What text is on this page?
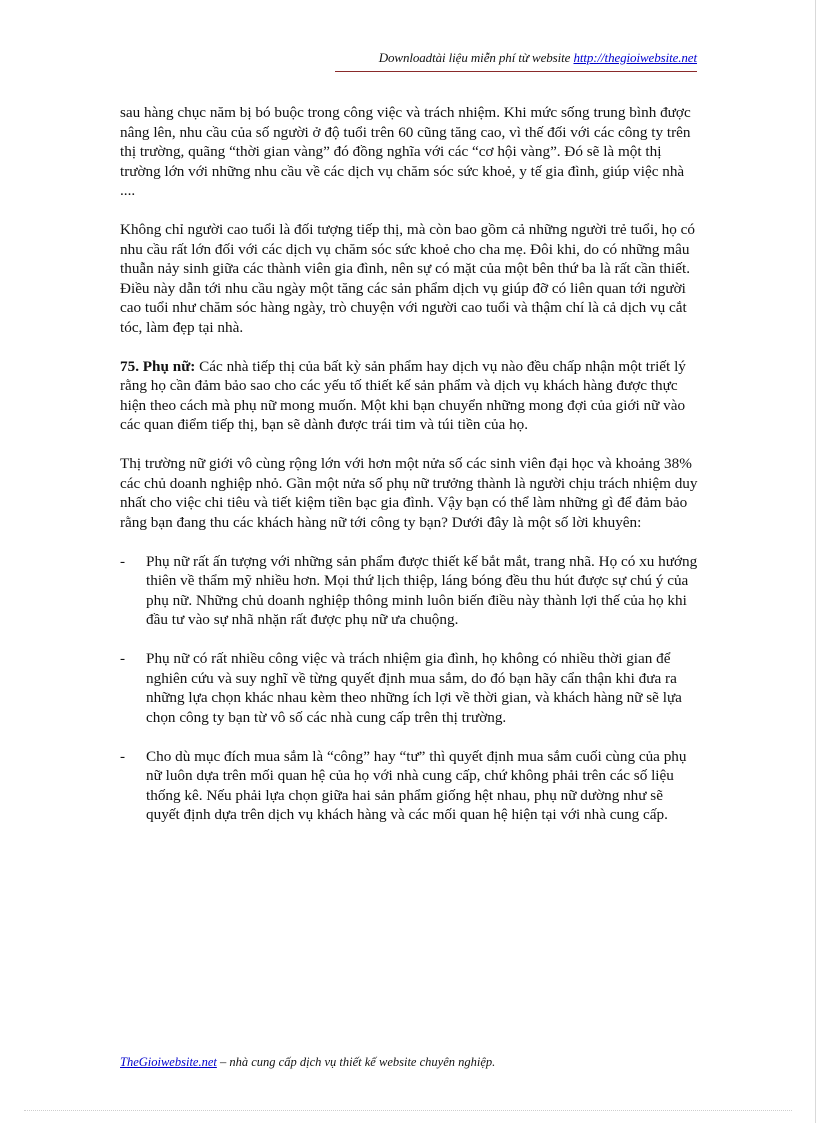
Downloadtài liệu miễn phí từ website http://thegioiwebsite.net

sau hàng chục năm bị bó buộc trong công việc và trách nhiệm. Khi mức sống trung bình được nâng lên, nhu cầu của số người ở độ tuổi trên 60 cũng tăng cao, vì thế đối với các công ty trên thị trường, quãng “thời gian vàng” đó đồng nghĩa với các “cơ hội vàng”. Đó sẽ là một thị trường lớn với những nhu cầu về các dịch vụ chăm sóc sức khoẻ, y tế gia đình, giúp việc nhà ....

Không chỉ người cao tuổi là đối tượng tiếp thị, mà còn bao gồm cả những người trẻ tuổi, họ có nhu cầu rất lớn đối với các dịch vụ chăm sóc sức khoẻ cho cha mẹ. Đôi khi, do có những mâu thuẫn nảy sinh giữa các thành viên gia đình, nên sự có mặt của một bên thứ ba là rất cần thiết. Điều này dẫn tới nhu cầu ngày một tăng các sản phẩm dịch vụ giúp đỡ có liên quan tới người cao tuổi như chăm sóc hàng ngày, trò chuyện với người cao tuổi và thậm chí là cả dịch vụ cắt tóc, làm đẹp tại nhà.

75. Phụ nữ: Các nhà tiếp thị của bất kỳ sản phẩm hay dịch vụ nào đều chấp nhận một triết lý rằng họ cần đảm bảo sao cho các yếu tố thiết kế sản phẩm và dịch vụ khách hàng được thực hiện theo cách mà phụ nữ mong muốn. Một khi bạn chuyển những mong đợi của giới nữ vào các quan điểm tiếp thị, bạn sẽ dành được trái tim và túi tiền của họ.

Thị trường nữ giới vô cùng rộng lớn với hơn một nửa số các sinh viên đại học và khoảng 38% các chủ doanh nghiệp nhỏ. Gần một nửa số phụ nữ trưởng thành là người chịu trách nhiệm duy nhất cho việc chi tiêu và tiết kiệm tiền bạc gia đình. Vậy bạn có thể làm những gì để đảm bảo rằng bạn đang thu các khách hàng nữ tới công ty bạn? Dưới đây là một số lời khuyên:

- Phụ nữ rất ấn tượng với những sản phẩm được thiết kế bắt mắt, trang nhã. Họ có xu hướng thiên về thẩm mỹ nhiều hơn. Mọi thứ lịch thiệp, láng bóng đều thu hút được sự chú ý của phụ nữ. Những chủ doanh nghiệp thông minh luôn biến điều này thành lợi thế của họ khi đầu tư vào sự nhã nhặn rất được phụ nữ ưa chuộng.
- Phụ nữ có rất nhiều công việc và trách nhiệm gia đình, họ không có nhiều thời gian để nghiên cứu và suy nghĩ về từng quyết định mua sắm, do đó bạn hãy cẩn thận khi đưa ra những lựa chọn khác nhau kèm theo những ích lợi về thời gian, và khách hàng nữ sẽ lựa chọn công ty bạn từ vô số các nhà cung cấp trên thị trường.
- Cho dù mục đích mua sắm là “công” hay “tư” thì quyết định mua sắm cuối cùng của phụ nữ luôn dựa trên mối quan hệ của họ với nhà cung cấp, chứ không phải trên các số liệu thống kê. Nếu phải lựa chọn giữa hai sản phẩm giống hệt nhau, phụ nữ dường như sẽ quyết định dựa trên dịch vụ khách hàng và các mối quan hệ hiện tại với nhà cung cấp.
TheGioiwebsite.net – nhà cung cấp dịch vụ thiết kế website chuyên nghiệp.
